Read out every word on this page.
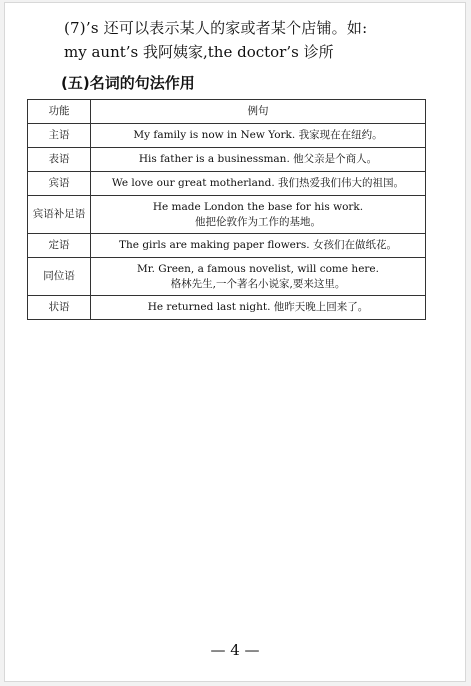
(7)’s 还可以表示某人的家或者某个店铺。如:
my aunt’s 我阿姨家,the doctor’s 诊所
(五)名词的句法作用
功能	例句
主语	My family is now in New York. 我家现在在纽约。

表语	His father is a businessman. 他父亲是个商人。

宾语	We love our great motherland. 我们热爱我们伟大的祖国。

宾语补足语	He made London the base for his work.
他把伦敦作为工作的基地。

定语	The girls are making paper flowers. 女孩们在做纸花。

同位语	Mr. Green, a famous novelist, will come here.
格林先生,一个著名小说家,要来这里。

状语	He returned last night. 他昨天晚上回来了。
— 4 —
